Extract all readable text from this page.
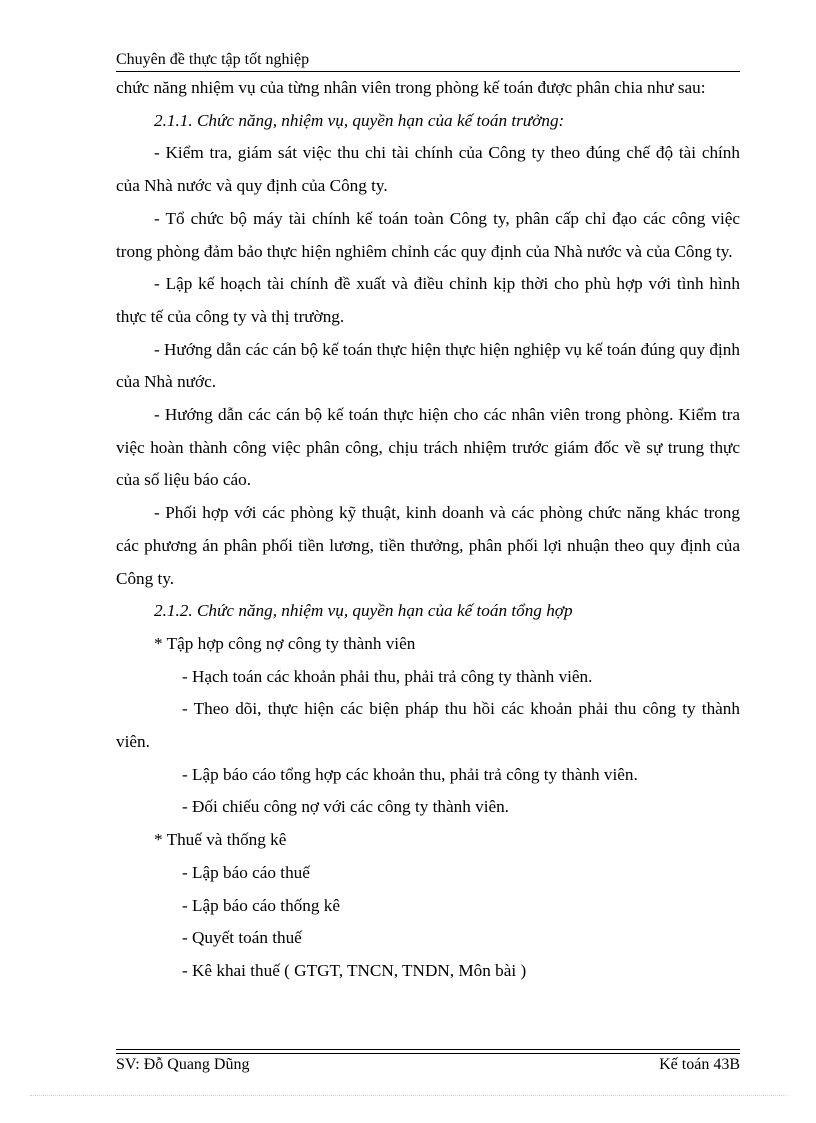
Chuyên đề thực tập tốt nghiệp

chức năng nhiệm vụ của từng nhân viên trong phòng kế toán được phân chia như sau:

2.1.1. Chức năng, nhiệm vụ, quyền hạn của kế toán trưởng:

- Kiểm tra, giám sát việc thu chi tài chính của Công ty theo đúng chế độ tài chính của Nhà nước và quy định của Công ty.

- Tổ chức bộ máy tài chính kế toán toàn Công ty, phân cấp chỉ đạo các công việc trong phòng đảm bảo thực hiện nghiêm chỉnh các quy định của Nhà nước và của Công ty.

- Lập kế hoạch tài chính đề xuất và điều chỉnh kịp thời cho phù hợp với tình hình thực tế của công ty và thị trường.

- Hướng dẫn các cán bộ kế toán thực hiện thực hiện nghiệp vụ kế toán đúng quy định của Nhà nước.

- Hướng dẫn các cán bộ kế toán thực hiện cho các nhân viên trong phòng. Kiểm tra việc hoàn thành công việc phân công, chịu trách nhiệm trước giám đốc về sự trung thực của số liệu báo cáo.

- Phối hợp với các phòng kỹ thuật, kinh doanh và các phòng chức năng khác trong các phương án phân phối tiền lương, tiền thưởng, phân phối lợi nhuận theo quy định của Công ty.

2.1.2. Chức năng, nhiệm vụ, quyền hạn của kế toán tổng hợp

* Tập hợp công nợ công ty thành viên

- Hạch toán các khoản phải thu, phải trả công ty thành viên.

- Theo dõi, thực hiện các biện pháp thu hồi các khoản phải thu công ty thành viên.

- Lập báo cáo tổng hợp các khoản thu, phải trả công ty thành viên.

- Đối chiếu công nợ với các công ty thành viên.

* Thuế và thống kê

- Lập báo cáo thuế

- Lập báo cáo thống kê

- Quyết toán thuế

- Kê khai thuế ( GTGT, TNCN, TNDN, Môn bài )

SV: Đỗ Quang Dũng	Kế toán 43B
